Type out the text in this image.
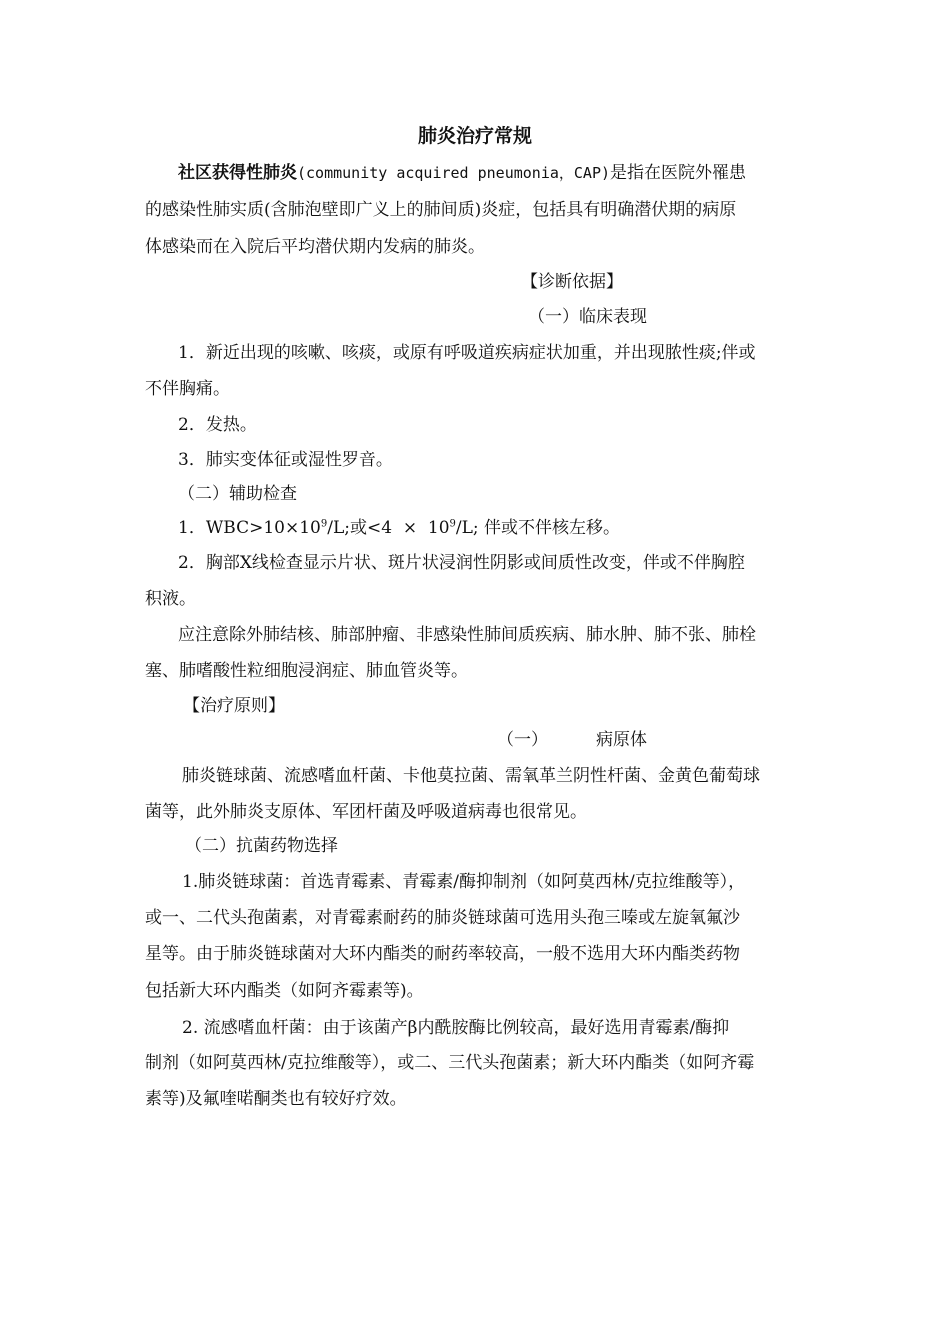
肺炎治疗常规
社区获得性肺炎(community acquired pneumonia，CAP)是指在医院外罹患
的感染性肺实质(含肺泡壁即广义上的肺间质)炎症，包括具有明确潜伏期的病原
体感染而在入院后平均潜伏期内发病的肺炎。
【诊断依据】
（一）临床表现
1．新近出现的咳嗽、咳痰，或原有呼吸道疾病症状加重，并出现脓性痰;伴或
不伴胸痛。
2．发热。
3．肺实变体征或湿性罗音。
（二）辅助检查
1．$WBC>10\times 10^9/L$;或$<4 \times 10^9/L$; 伴或不伴核左移。
2．胸部X线检查显示片状、斑片状浸润性阴影或间质性改变，伴或不伴胸腔
积液。
应注意除外肺结核、肺部肿瘤、非感染性肺间质疾病、肺水肿、肺不张、肺栓
塞、肺嗜酸性粒细胞浸润症、肺血管炎等。
【治疗原则】
（一）	病原体
肺炎链球菌、流感嗜血杆菌、卡他莫拉菌、需氧革兰阴性杆菌、金黄色葡萄球
菌等，此外肺炎支原体、军团杆菌及呼吸道病毒也很常见。
（二）抗菌药物选择
1.肺炎链球菌：首选青霉素、青霉素/酶抑制剂（如阿莫西林/克拉维酸等），
或一、二代头孢菌素，对青霉素耐药的肺炎链球菌可选用头孢三嗪或左旋氧氟沙
星等。由于肺炎链球菌对大环内酯类的耐药率较高，一般不选用大环内酯类药物
包括新大环内酯类（如阿齐霉素等)。
2. 流感嗜血杆菌：由于该菌产β内酰胺酶比例较高，最好选用青霉素/酶抑
制剂（如阿莫西林/克拉维酸等），或二、三代头孢菌素；新大环内酯类（如阿齐霉
素等)及氟喹喏酮类也有较好疗效。
